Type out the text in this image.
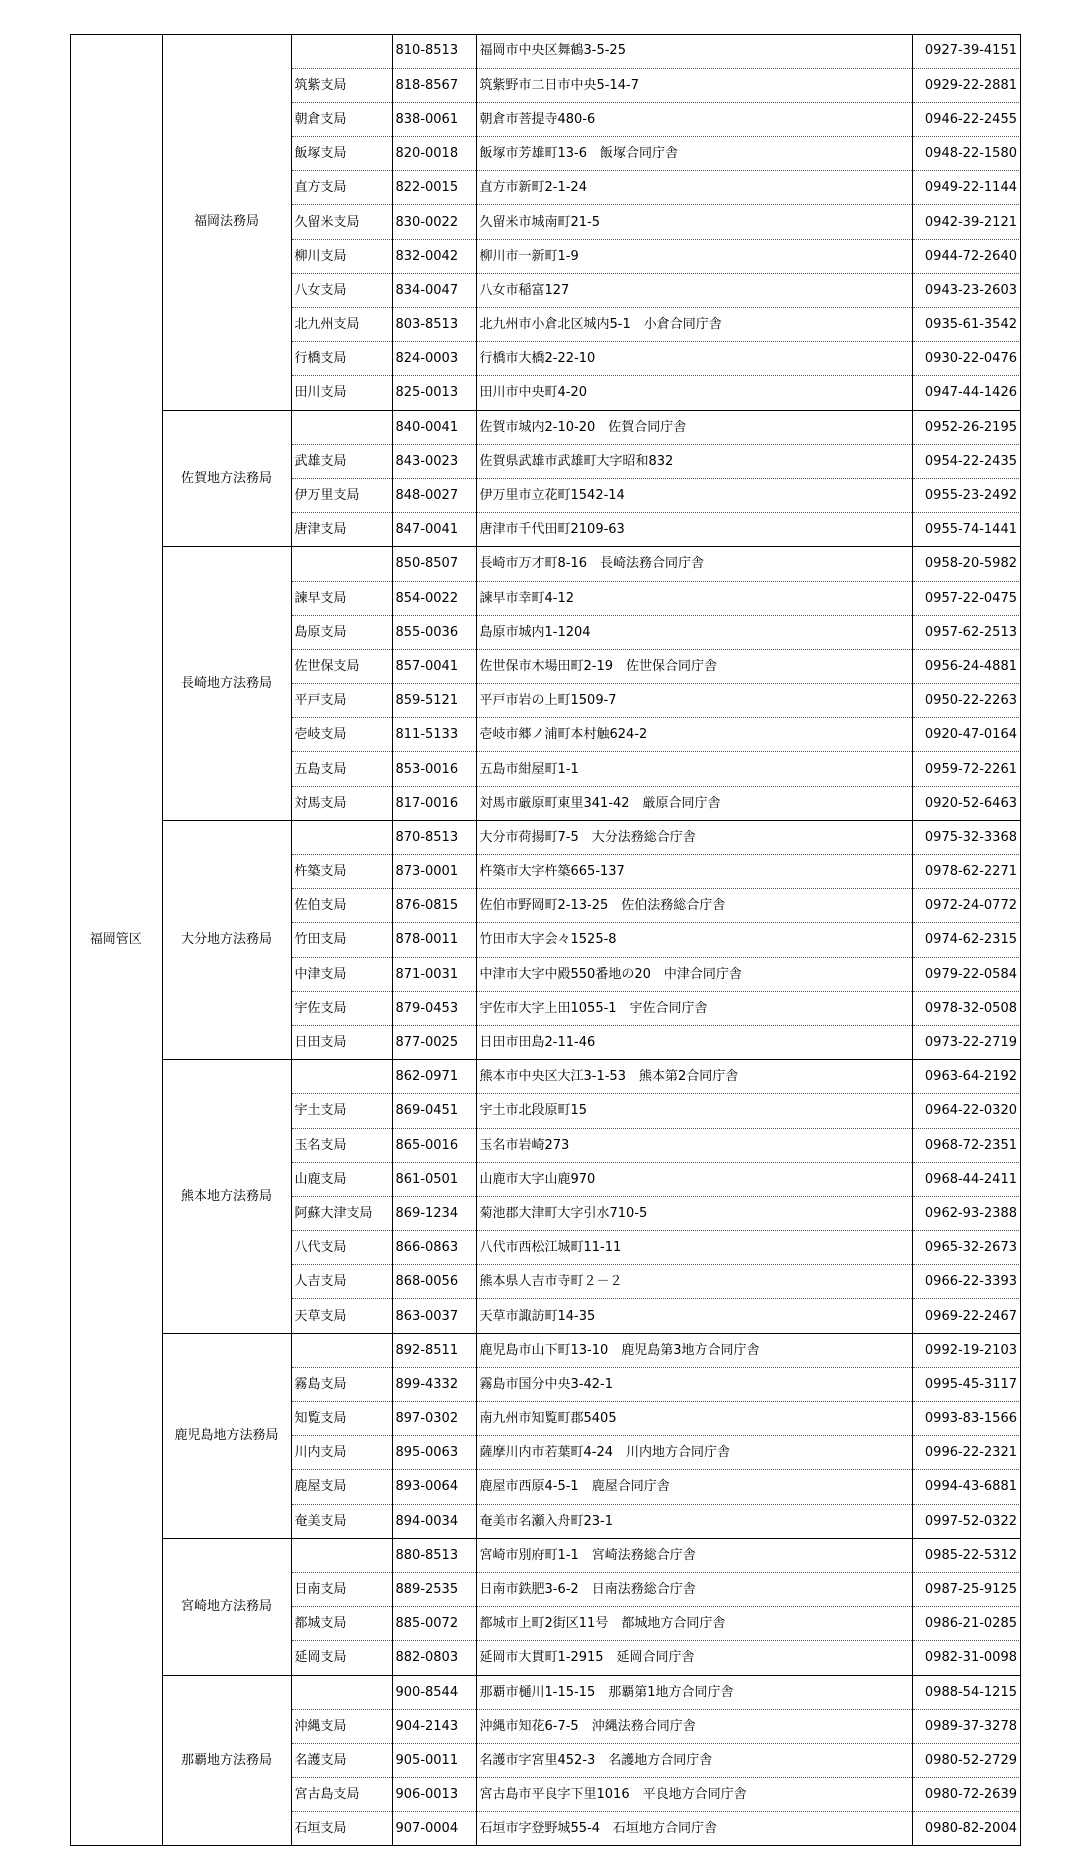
福岡管区	福岡法務局		810-8513	福岡市中央区舞鶴3-5-25	0927-39-4151
		筑紫支局	818-8567	筑紫野市二日市中央5-14-7	0929-22-2881
		朝倉支局	838-0061	朝倉市菩提寺480-6	0946-22-2455
		飯塚支局	820-0018	飯塚市芳雄町13-6　飯塚合同庁舎	0948-22-1580
		直方支局	822-0015	直方市新町2-1-24	0949-22-1144
		久留米支局	830-0022	久留米市城南町21-5	0942-39-2121
		柳川支局	832-0042	柳川市一新町1-9	0944-72-2640
		八女支局	834-0047	八女市稲富127	0943-23-2603
		北九州支局	803-8513	北九州市小倉北区城内5-1　小倉合同庁舎	0935-61-3542
		行橋支局	824-0003	行橋市大橋2-22-10	0930-22-0476
		田川支局	825-0013	田川市中央町4-20	0947-44-1426
	佐賀地方法務局		840-0041	佐賀市城内2-10-20　佐賀合同庁舎	0952-26-2195
		武雄支局	843-0023	佐賀県武雄市武雄町大字昭和832	0954-22-2435
		伊万里支局	848-0027	伊万里市立花町1542-14	0955-23-2492
		唐津支局	847-0041	唐津市千代田町2109-63	0955-74-1441
	長崎地方法務局		850-8507	長崎市万才町8-16　長崎法務合同庁舎	0958-20-5982
		諫早支局	854-0022	諫早市幸町4-12	0957-22-0475
		島原支局	855-0036	島原市城内1-1204	0957-62-2513
		佐世保支局	857-0041	佐世保市木場田町2-19　佐世保合同庁舎	0956-24-4881
		平戸支局	859-5121	平戸市岩の上町1509-7	0950-22-2263
		壱岐支局	811-5133	壱岐市郷ノ浦町本村触624-2	0920-47-0164
		五島支局	853-0016	五島市紺屋町1-1	0959-72-2261
		対馬支局	817-0016	対馬市厳原町東里341-42　厳原合同庁舎	0920-52-6463
	大分地方法務局		870-8513	大分市荷揚町7-5　大分法務総合庁舎	0975-32-3368
		杵築支局	873-0001	杵築市大字杵築665-137	0978-62-2271
		佐伯支局	876-0815	佐伯市野岡町2-13-25　佐伯法務総合庁舎	0972-24-0772
		竹田支局	878-0011	竹田市大字会々1525-8	0974-62-2315
		中津支局	871-0031	中津市大字中殿550番地の20　中津合同庁舎	0979-22-0584
		宇佐支局	879-0453	宇佐市大字上田1055-1　宇佐合同庁舎	0978-32-0508
		日田支局	877-0025	日田市田島2-11-46	0973-22-2719
	熊本地方法務局		862-0971	熊本市中央区大江3-1-53　熊本第2合同庁舎	0963-64-2192
		宇土支局	869-0451	宇土市北段原町15	0964-22-0320
		玉名支局	865-0016	玉名市岩崎273	0968-72-2351
		山鹿支局	861-0501	山鹿市大字山鹿970	0968-44-2411
		阿蘇大津支局	869-1234	菊池郡大津町大字引水710-5	0962-93-2388
		八代支局	866-0863	八代市西松江城町11-11	0965-32-2673
		人吉支局	868-0056	熊本県人吉市寺町２－２	0966-22-3393
		天草支局	863-0037	天草市諏訪町14-35	0969-22-2467
	鹿児島地方法務局		892-8511	鹿児島市山下町13-10　鹿児島第3地方合同庁舎	0992-19-2103
		霧島支局	899-4332	霧島市国分中央3-42-1	0995-45-3117
		知覧支局	897-0302	南九州市知覧町郡5405	0993-83-1566
		川内支局	895-0063	薩摩川内市若葉町4-24　川内地方合同庁舎	0996-22-2321
		鹿屋支局	893-0064	鹿屋市西原4-5-1　鹿屋合同庁舎	0994-43-6881
		奄美支局	894-0034	奄美市名瀬入舟町23-1	0997-52-0322
	宮崎地方法務局		880-8513	宮崎市別府町1-1　宮崎法務総合庁舎	0985-22-5312
		日南支局	889-2535	日南市鉄肥3-6-2　日南法務総合庁舎	0987-25-9125
		都城支局	885-0072	都城市上町2街区11号　都城地方合同庁舎	0986-21-0285
		延岡支局	882-0803	延岡市大貫町1-2915　延岡合同庁舎	0982-31-0098
	那覇地方法務局		900-8544	那覇市樋川1-15-15　那覇第1地方合同庁舎	0988-54-1215
		沖縄支局	904-2143	沖縄市知花6-7-5　沖縄法務合同庁舎	0989-37-3278
		名護支局	905-0011	名護市字宮里452-3　名護地方合同庁舎	0980-52-2729
		宮古島支局	906-0013	宮古島市平良字下里1016　平良地方合同庁舎	0980-72-2639
		石垣支局	907-0004	石垣市字登野城55-4　石垣地方合同庁舎	0980-82-2004
